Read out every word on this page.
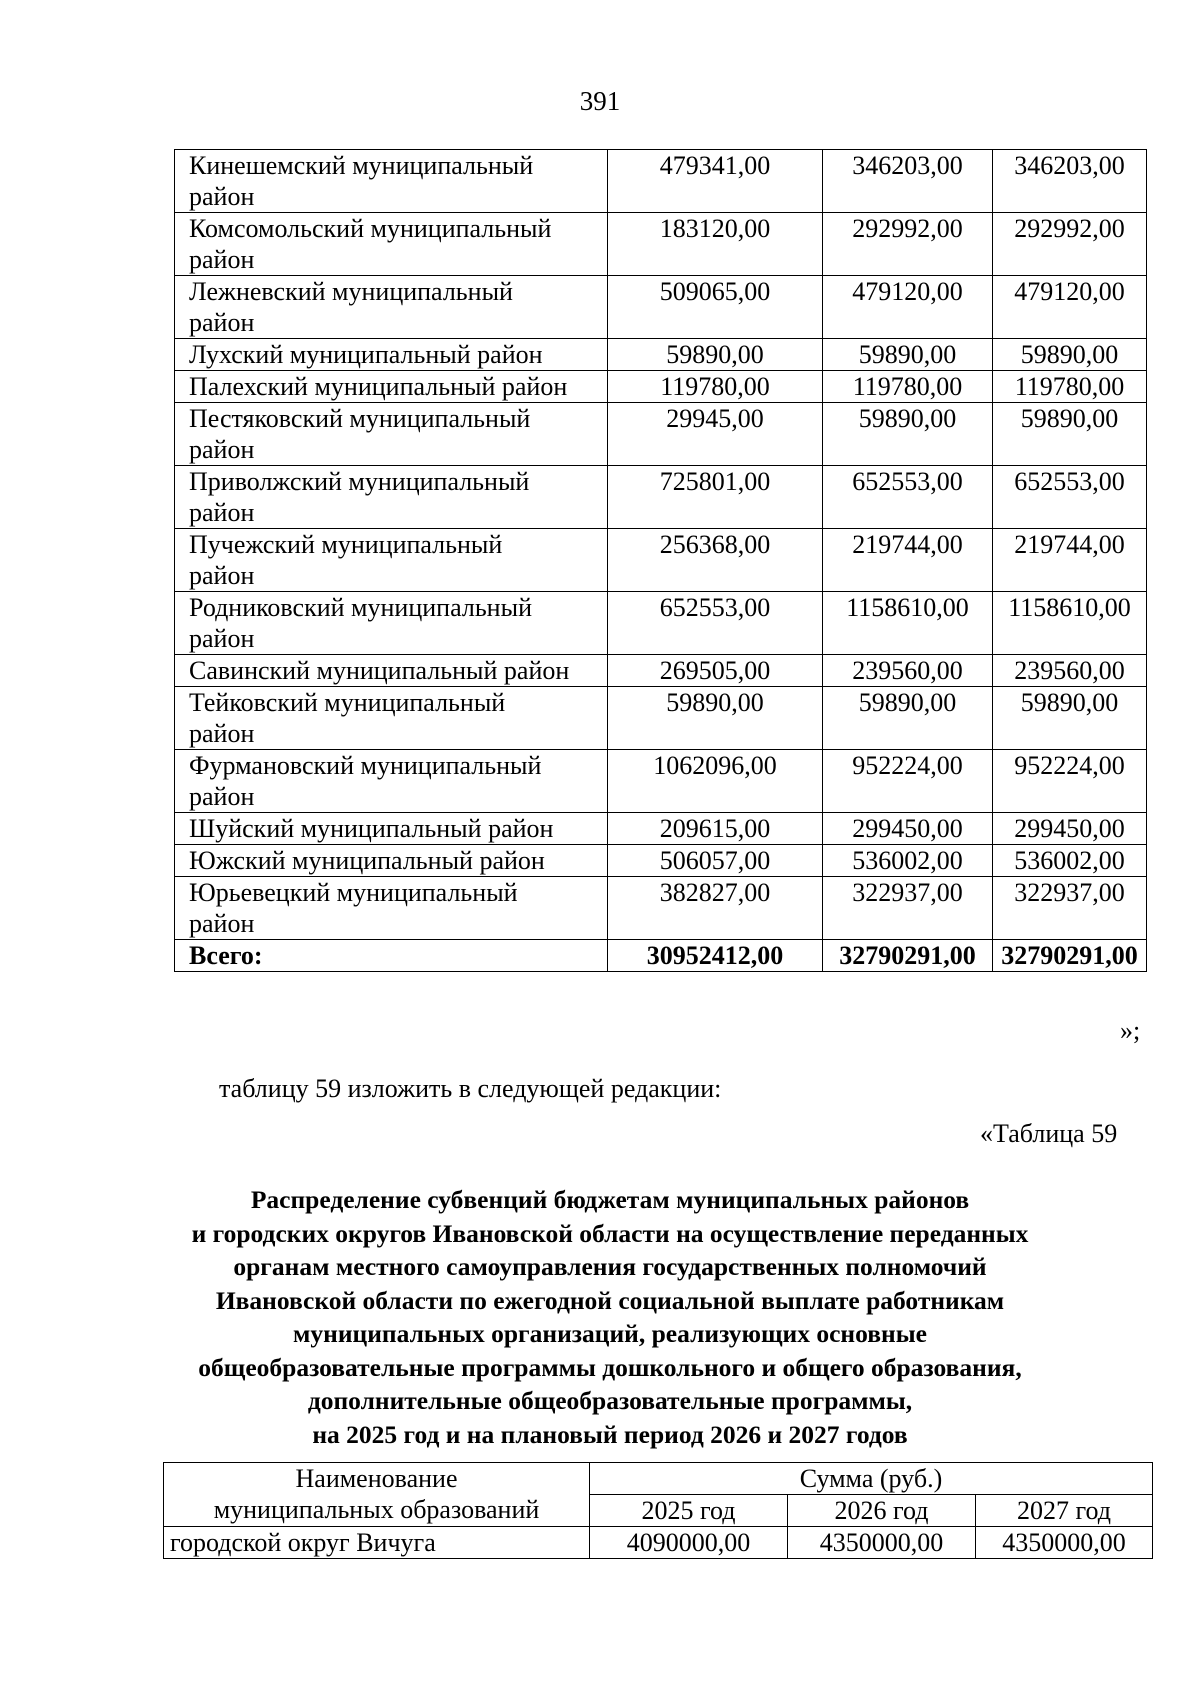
391
Кинешемский муниципальный
район	479341,00	346203,00	346203,00
Комсомольский муниципальный
район	183120,00	292992,00	292992,00
Лежневский муниципальный
район	509065,00	479120,00	479120,00
Лухский муниципальный район	59890,00	59890,00	59890,00
Палехский муниципальный район	119780,00	119780,00	119780,00
Пестяковский муниципальный
район	29945,00	59890,00	59890,00
Приволжский муниципальный
район	725801,00	652553,00	652553,00
Пучежский муниципальный
район	256368,00	219744,00	219744,00
Родниковский муниципальный
район	652553,00	1158610,00	1158610,00
Савинский муниципальный район	269505,00	239560,00	239560,00
Тейковский муниципальный
район	59890,00	59890,00	59890,00
Фурмановский муниципальный
район	1062096,00	952224,00	952224,00
Шуйский муниципальный район	209615,00	299450,00	299450,00
Южский муниципальный район	506057,00	536002,00	536002,00
Юрьевецкий муниципальный
район	382827,00	322937,00	322937,00
Всего:	30952412,00	32790291,00	32790291,00
»;
таблицу 59 изложить в следующей редакции:
«Таблица 59
Распределение субвенций бюджетам муниципальных районов
и городских округов Ивановской области на осуществление переданных
органам местного самоуправления государственных полномочий
Ивановской области по ежегодной социальной выплате работникам
муниципальных организаций, реализующих основные
общеобразовательные программы дошкольного и общего образования,
дополнительные общеобразовательные программы,
на 2025 год и на плановый период 2026 и 2027 годов
Наименование
муниципальных образований	Сумма (руб.)		
	2025 год	2026 год	2027 год
городской округ Вичуга	4090000,00	4350000,00	4350000,00
